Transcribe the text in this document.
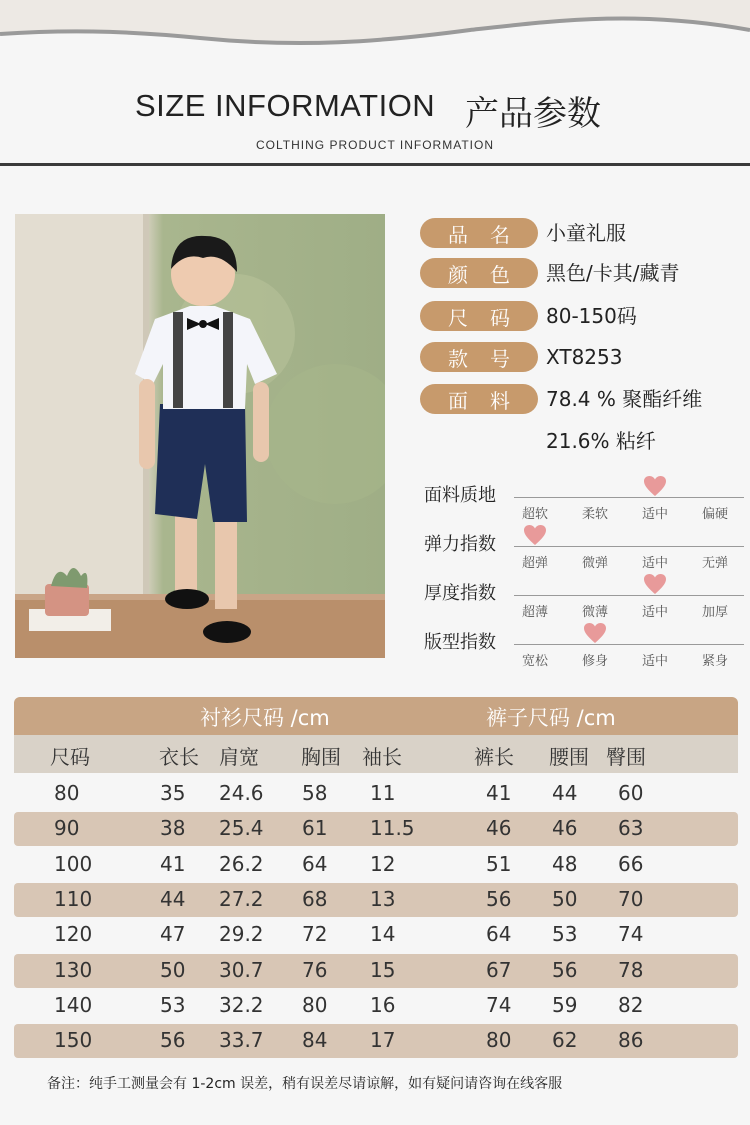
SIZE INFORMATION 产品参数
COLTHING PRODUCT INFORMATION
品名 小童礼服
颜色 黑色/卡其/藏青
尺码 80-150码
款号 XT8253
面料 78.4 % 聚酯纤维
21.6% 粘纤
面料质地
超软	柔软	适中	偏硬
弹力指数
超弹	微弹	适中	无弹
厚度指数
超薄	微薄	适中	加厚
版型指数
宽松	修身	适中	紧身
衬衫尺码 /cm	裤子尺码 /cm
尺码	衣长 肩宽 胸围 袖长	裤长 腰围 臀围
80	35 24.6 58 11	41 44 60
90	38 25.4 61 11.5	46 46 63
100	41 26.2 64 12	51 48 66
110	44 27.2 68 13	56 50 70
120	47 29.2 72 14	64 53 74
130	50 30.7 76 15	67 56 78
140	53 32.2 80 16	74 59 82
150	56 33.7 84 17	80 62 86
备注：纯手工测量会有 1-2cm 误差，稍有误差尽请谅解，如有疑问请咨询在线客服
